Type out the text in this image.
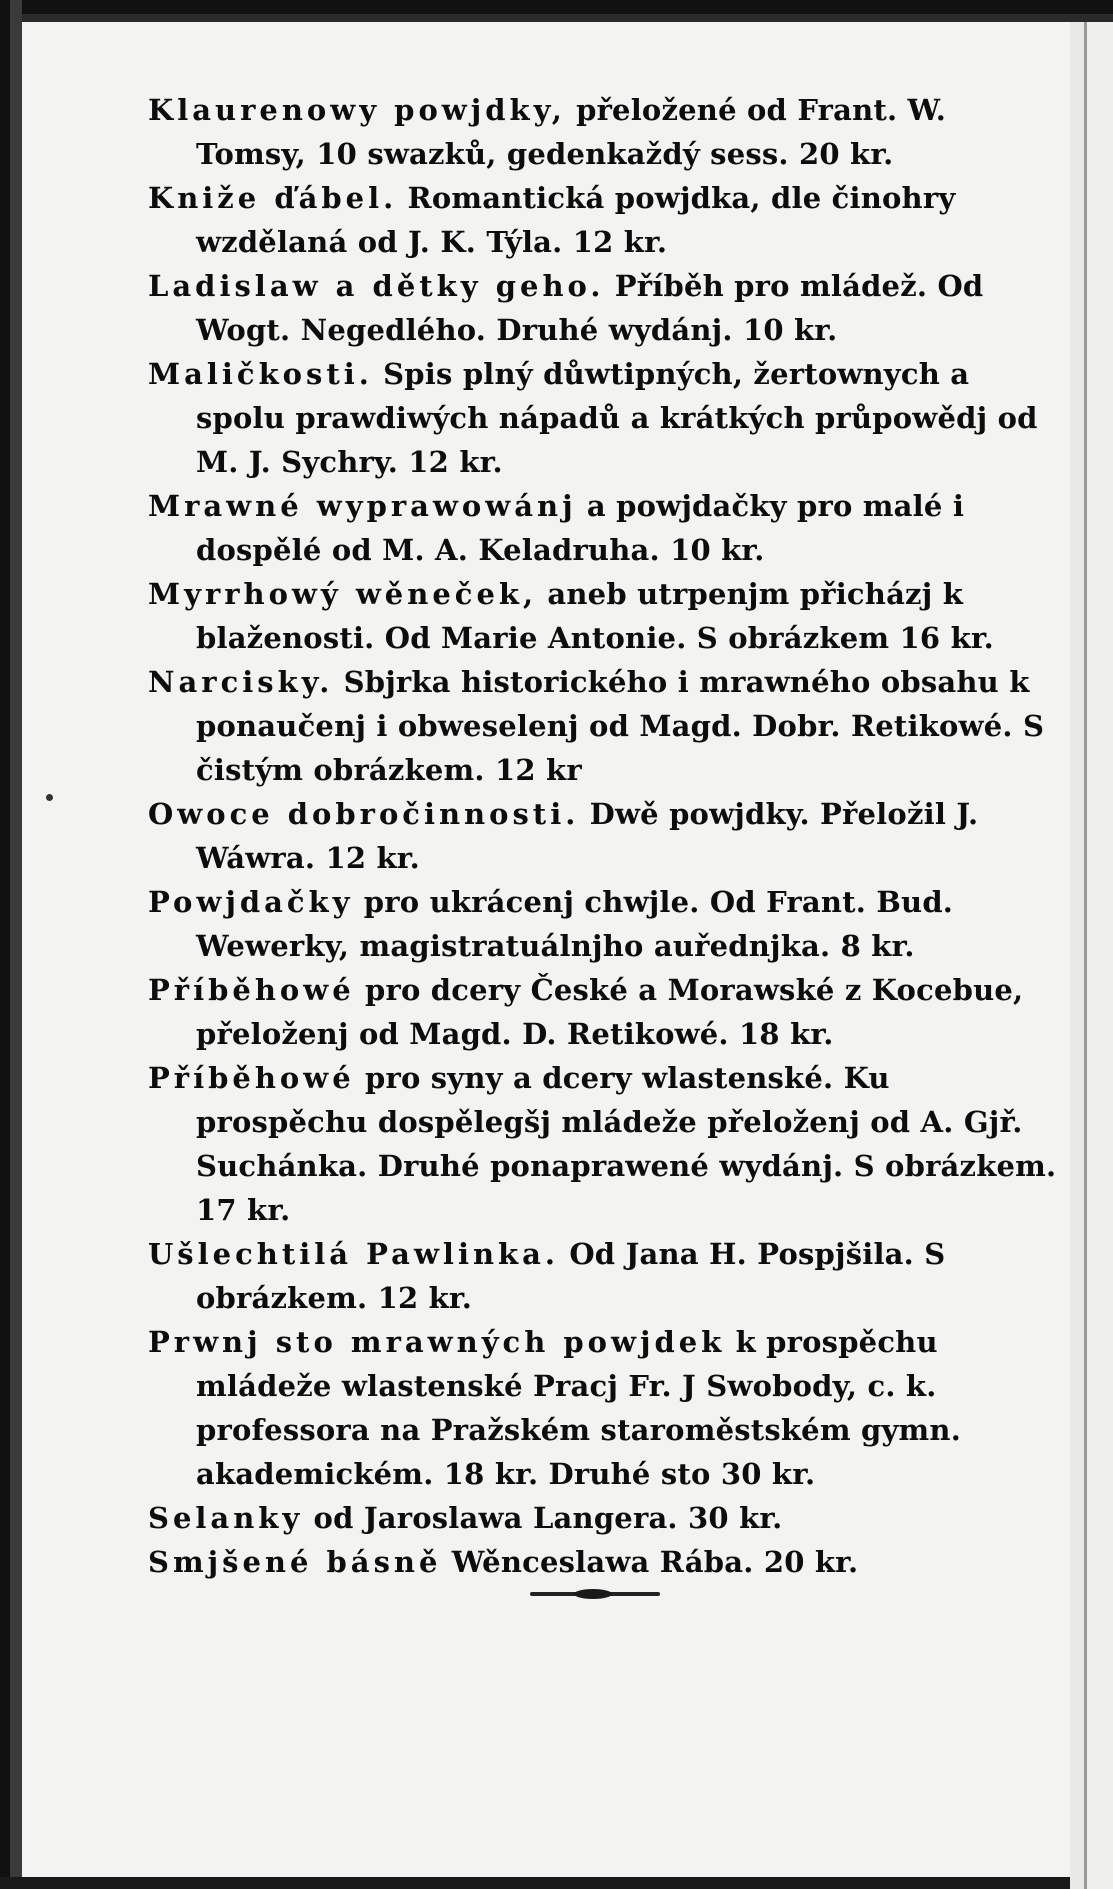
Klaurenowy powjdky, přeložené od Frant. W. Tomsy, 10 swazků, gedenkaždý sess. 20 kr.
Kniže ďábel. Romantická powjdka, dle činohry wzdělaná od J. K. Týla. 12 kr.
Ladislaw a dětky geho. Příběh pro mládež. Od Wogt. Negedlého. Druhé wydánj. 10 kr.
Maličkosti. Spis plný důwtipných, žertownych a spolu prawdiwých nápadů a krátkých průpowědj od M. J. Sychry. 12 kr.
Mrawné wyprawowánj a powjdačky pro malé i dospělé od M. A. Keladruha. 10 kr.
Myrrhowý wěneček, aneb utrpenjm přicházj k blaženosti. Od Marie Antonie. S obrázkem 16 kr.
Narcisky. Sbjrka historického i mrawného obsahu k ponaučenj i obweselenj od Magd. Dobr. Retikowé. S čistým obrázkem. 12 kr
Owoce dobročinnosti. Dwě powjdky. Přeložil J. Wáwra. 12 kr.
Powjdačky pro ukrácenj chwjle. Od Frant. Bud. Wewerky, magistratuálnjho auřednjka. 8 kr.
Příběhowé pro dcery České a Morawské z Kocebue, přeloženj od Magd. D. Retikowé. 18 kr.
Příběhowé pro syny a dcery wlastenské. Ku prospěchu dospělegšj mládeže přeloženj od A. Gjř. Suchánka. Druhé ponaprawené wydánj. S obrázkem. 17 kr.
Ušlechtilá Pawlinka. Od Jana H. Pospjšila. S obrázkem. 12 kr.
Prwnj sto mrawných powjdek k prospěchu mládeže wlastenské Pracj Fr. J Swobody, c. k. professora na Pražském staroměstském gymn. akademickém. 18 kr. Druhé sto 30 kr.
Selanky od Jaroslawa Langera. 30 kr.
Smjšené básně Wěnceslawa Rába. 20 kr.
